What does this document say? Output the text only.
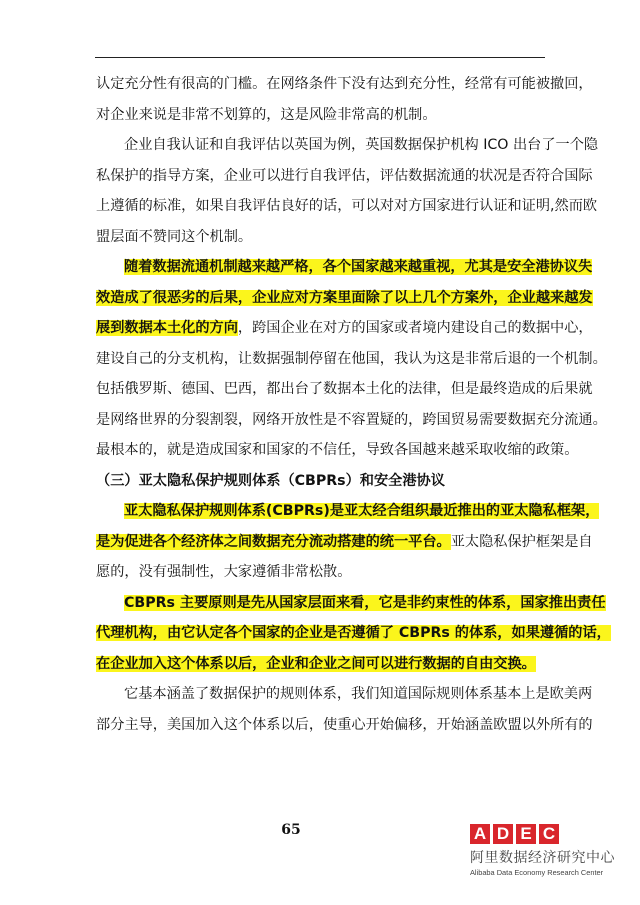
认定充分性有很高的门槛。在网络条件下没有达到充分性，经常有可能被撤回，
对企业来说是非常不划算的，这是风险非常高的机制。
企业自我认证和自我评估以英国为例，英国数据保护机构 ICO 出台了一个隐
私保护的指导方案，企业可以进行自我评估，评估数据流通的状况是否符合国际
上遵循的标准，如果自我评估良好的话，可以对对方国家进行认证和证明,然而欧
盟层面不赞同这个机制。
随着数据流通机制越来越严格，各个国家越来越重视，尤其是安全港协议失
效造成了很恶劣的后果，企业应对方案里面除了以上几个方案外，企业越来越发
展到数据本土化的方向，跨国企业在对方的国家或者境内建设自己的数据中心，
建设自己的分支机构，让数据强制停留在他国，我认为这是非常后退的一个机制。
包括俄罗斯、德国、巴西，都出台了数据本土化的法律，但是最终造成的后果就
是网络世界的分裂割裂，网络开放性是不容置疑的，跨国贸易需要数据充分流通。
最根本的，就是造成国家和国家的不信任，导致各国越来越采取收缩的政策。
（三）亚太隐私保护规则体系（CBPRs）和安全港协议
亚太隐私保护规则体系(CBPRs)是亚太经合组织最近推出的亚太隐私框架，
是为促进各个经济体之间数据充分流动搭建的统一平台。亚太隐私保护框架是自
愿的，没有强制性，大家遵循非常松散。
CBPRs 主要原则是先从国家层面来看，它是非约束性的体系，国家推出责任
代理机构，由它认定各个国家的企业是否遵循了 CBPRs 的体系，如果遵循的话，
在企业加入这个体系以后，企业和企业之间可以进行数据的自由交换。
它基本涵盖了数据保护的规则体系，我们知道国际规则体系基本上是欧美两
部分主导，美国加入这个体系以后，使重心开始偏移，开始涵盖欧盟以外所有的
65	A D E C
阿里数据经济研究中心
Alibaba Data Economy Research Center
